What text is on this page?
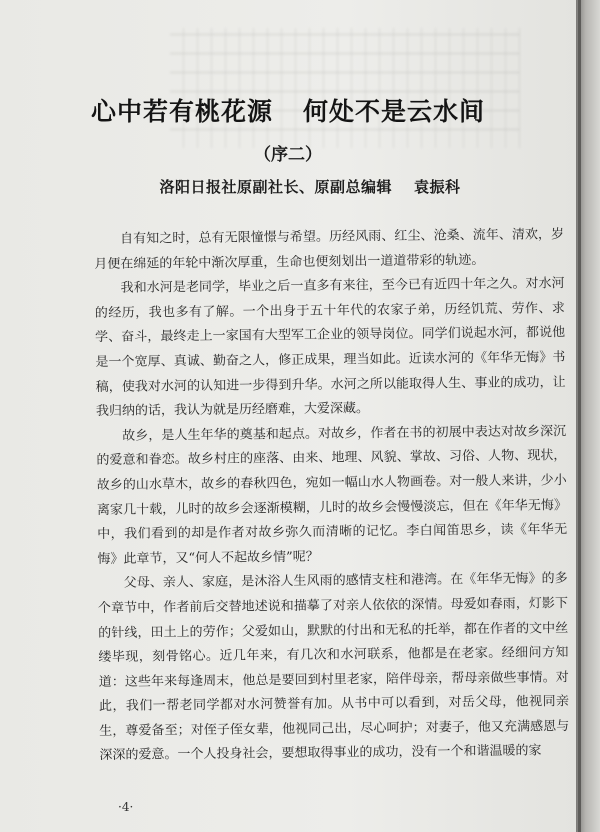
心中若有桃花源 何处不是云水间

（序二）

洛阳日报社原副社长、原副总编辑 袁振科

自有知之时，总有无限憧憬与希望。历经风雨、红尘、沧桑、流年、清欢，岁月便在绵延的年轮中渐次厚重，生命也便刻划出一道道带彩的轨迹。

我和水河是老同学，毕业之后一直多有来往，至今已有近四十年之久。对水河的经历，我也多有了解。一个出身于五十年代的农家子弟，历经饥荒、劳作、求学、奋斗，最终走上一家国有大型军工企业的领导岗位。同学们说起水河，都说他是一个宽厚、真诚、勤奋之人，修正成果，理当如此。近读水河的《年华无悔》书稿，使我对水河的认知进一步得到升华。水河之所以能取得人生、事业的成功，让我归纳的话，我认为就是历经磨难，大爱深藏。

故乡，是人生年华的奠基和起点。对故乡，作者在书的初展中表达对故乡深沉的爱意和眷恋。故乡村庄的座落、由来、地理、风貌、掌故、习俗、人物、现状，故乡的山水草木，故乡的春秋四色，宛如一幅山水人物画卷。对一般人来讲，少小离家几十载，儿时的故乡会逐渐模糊，儿时的故乡会慢慢淡忘，但在《年华无悔》中，我们看到的却是作者对故乡弥久而清晰的记忆。李白闻笛思乡，读《年华无悔》此章节，又“何人不起故乡情”呢？

父母、亲人、家庭，是沐浴人生风雨的感情支柱和港湾。在《年华无悔》的多个章节中，作者前后交替地述说和描摹了对亲人依依的深情。母爱如春雨，灯影下的针线，田土上的劳作；父爱如山，默默的付出和无私的托举，都在作者的文中丝缕毕现，刻骨铭心。近几年来，有几次和水河联系，他都是在老家。经细问方知道：这些年来每逢周末，他总是要回到村里老家，陪伴母亲，帮母亲做些事情。对此，我们一帮老同学都对水河赞誉有加。从书中可以看到，对岳父母，他视同亲生，尊爱备至；对侄子侄女辈，他视同己出，尽心呵护；对妻子，他又充满感恩与深深的爱意。一个人投身社会，要想取得事业的成功，没有一个和谐温暖的家

·4·
